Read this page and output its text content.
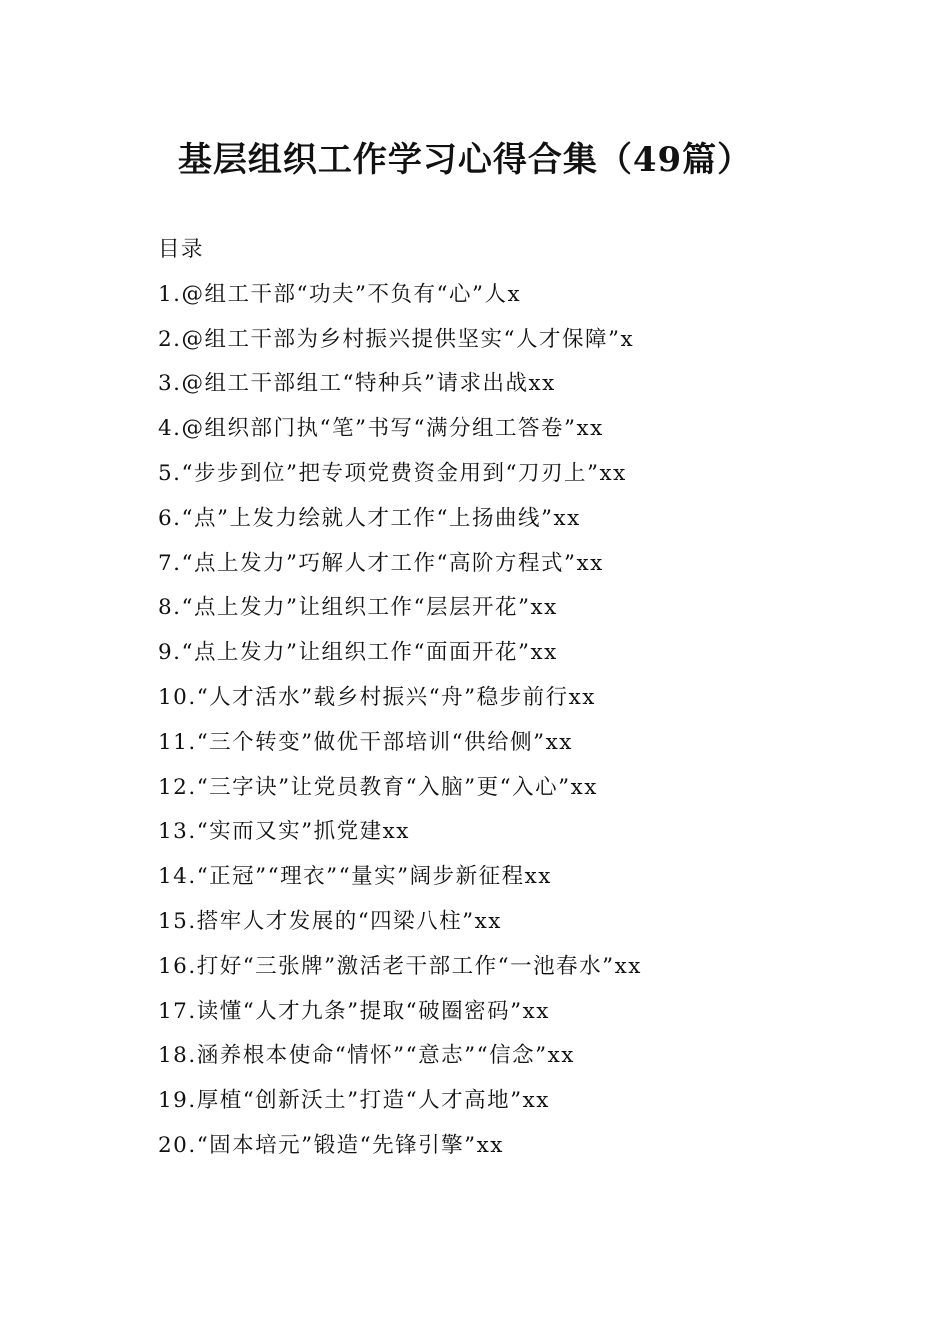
基层组织工作学习心得合集（49篇）
目录
1.@组工干部“功夫”不负有“心”人x
2.@组工干部为乡村振兴提供坚实“人才保障”x
3.@组工干部组工“特种兵”请求出战xx
4.@组织部门执“笔”书写“满分组工答卷”xx
5.“步步到位”把专项党费资金用到“刀刃上”xx
6.“点”上发力绘就人才工作“上扬曲线”xx
7.“点上发力”巧解人才工作“高阶方程式”xx
8.“点上发力”让组织工作“层层开花”xx
9.“点上发力”让组织工作“面面开花”xx
10.“人才活水”载乡村振兴“舟”稳步前行xx
11.“三个转变”做优干部培训“供给侧”xx
12.“三字诀”让党员教育“入脑”更“入心”xx
13.“实而又实”抓党建xx
14.“正冠”“理衣”“量实”阔步新征程xx
15.搭牢人才发展的“四梁八柱”xx
16.打好“三张牌”激活老干部工作“一池春水”xx
17.读懂“人才九条”提取“破圈密码”xx
18.涵养根本使命“情怀”“意志”“信念”xx
19.厚植“创新沃土”打造“人才高地”xx
20.“固本培元”锻造“先锋引擎”xx
